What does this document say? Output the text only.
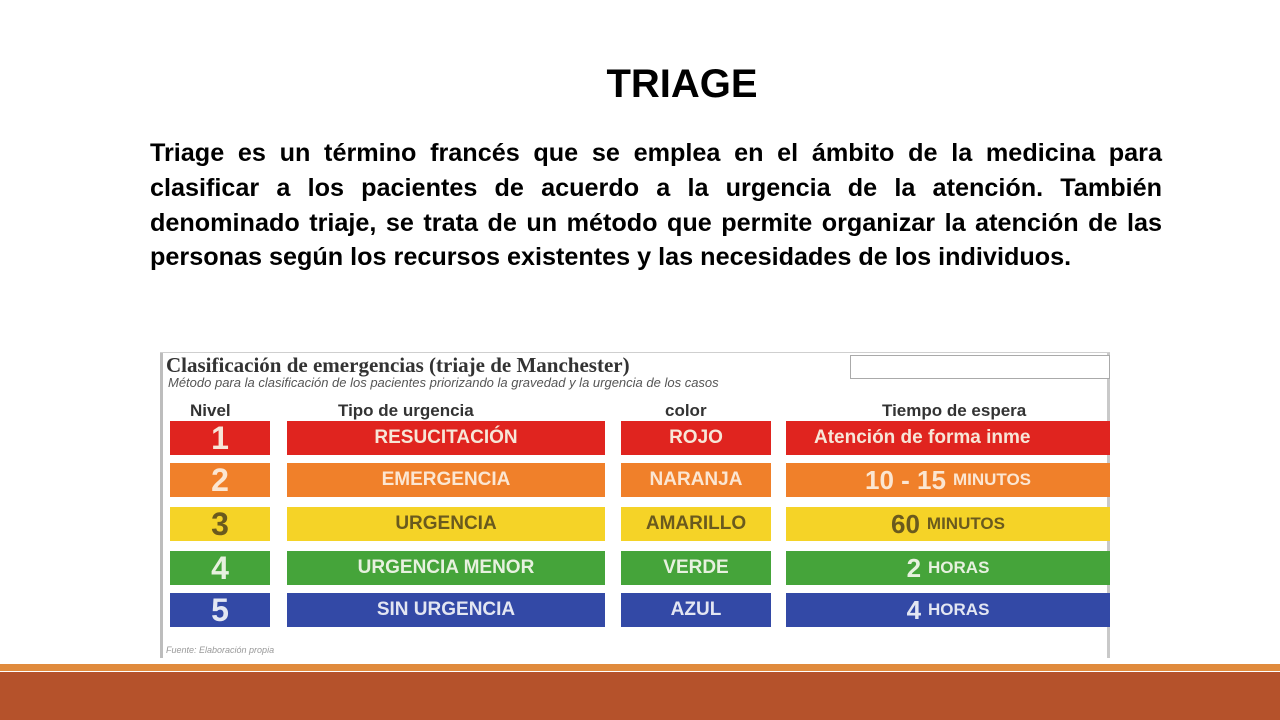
TRIAGE

Triage es un término francés que se emplea en el ámbito de la medicina para clasificar a los pacientes de acuerdo a la urgencia de la atención. También denominado triaje, se trata de un método que permite organizar la atención de las personas según los recursos existentes y las necesidades de los individuos.

Clasificación de emergencias (triaje de Manchester)
Método para la clasificación de los pacientes priorizando la gravedad y la urgencia de los casos
Nivel	Tipo de urgencia	color	Tiempo de espera
1	RESUCITACIÓN	ROJO	Atención de forma inme
2	EMERGENCIA	NARANJA	10 - 15 MINUTOS
3	URGENCIA	AMARILLO	60 MINUTOS
4	URGENCIA MENOR	VERDE	2 HORAS
5	SIN URGENCIA	AZUL	4 HORAS
Fuente: Elaboración propia
